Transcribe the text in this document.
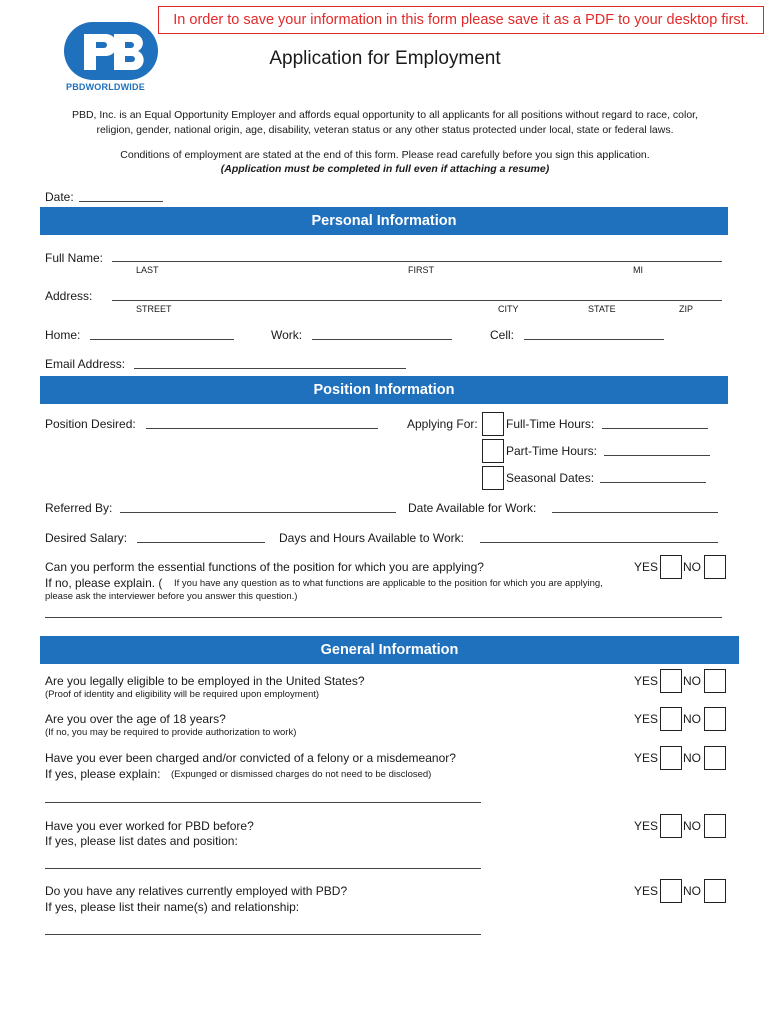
In order to save your information in this form please save it as a PDF to your desktop first.
PBDWORLDWIDE
Application for Employment
PBD, Inc. is an Equal Opportunity Employer and affords equal opportunity to all applicants for all positions without regard to race, color,
religion, gender, national origin, age, disability, veteran status or any other status protected under local, state or federal laws.
Conditions of employment are stated at the end of this form. Please read carefully before you sign this application.
(Application must be completed in full even if attaching a resume)
Date:
Personal Information
Full Name:
LAST	FIRST	MI
Address:
STREET	CITY	STATE	ZIP
Home:	Work:	Cell:
Email Address:
Position Information
Position Desired:	Applying For: Full-Time Hours:
Part-Time Hours:
Seasonal Dates:
Referred By:	Date Available for Work:
Desired Salary:	Days and Hours Available to Work:
Can you perform the essential functions of the position for which you are applying?
If no, please explain. ( If you have any question as to what functions are applicable to the position for which you are applying,
please ask the interviewer before you answer this question.)
YES NO
General Information
Are you legally eligible to be employed in the United States?
(Proof of identity and eligibility will be required upon employment)
YES NO
Are you over the age of 18 years?
(If no, you may be required to provide authorization to work)
YES NO
Have you ever been charged and/or convicted of a felony or a misdemeanor?
If yes, please explain: (Expunged or dismissed charges do not need to be disclosed)
YES NO
Have you ever worked for PBD before?
If yes, please list dates and position:
YES NO
Do you have any relatives currently employed with PBD?
If yes, please list their name(s) and relationship:
YES NO
